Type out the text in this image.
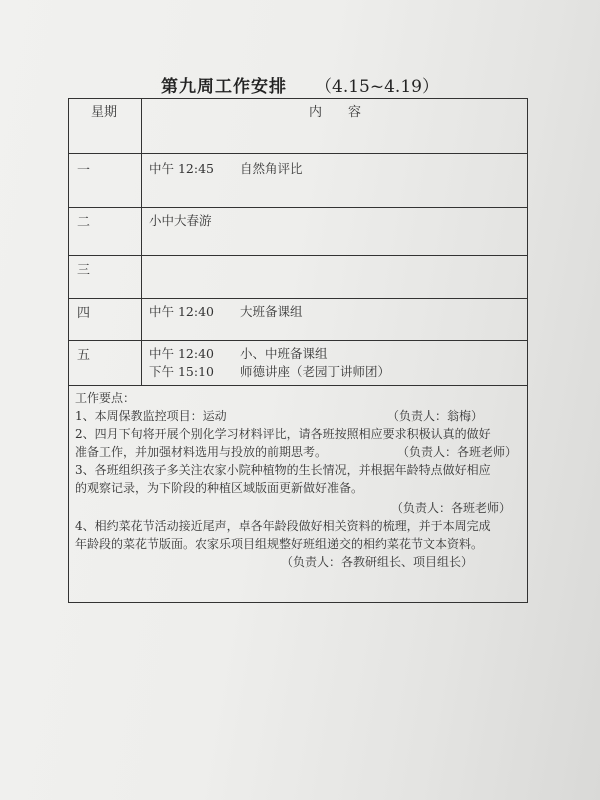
第九周工作安排 （4.15~4.19）
星期	内　　容
一	中午 12:45 自然角评比
二	小中大春游
三
四	中午 12:40 大班备课组
五	中午 12:40 小、中班备课组
下午 15:10 师德讲座（老园丁讲师团）

工作要点：

1、本周保教监控项目：运动	（负责人：翁梅）

2、四月下旬将开展个别化学习材料评比，请各班按照相应要求积极认真的做好

准备工作，并加强材料选用与投放的前期思考。	（负责人：各班老师）

3、各班组织孩子多关注农家小院种植物的生长情况，并根据年龄特点做好相应

的观察记录，为下阶段的种植区域版面更新做好准备。

（负责人：各班老师）

4、相约菜花节活动接近尾声，卓各年龄段做好相关资料的梳理，并于本周完成

年龄段的菜花节版面。农家乐项目组规整好班组递交的相约菜花节文本资料。

（负责人：各教研组长、项目组长）
